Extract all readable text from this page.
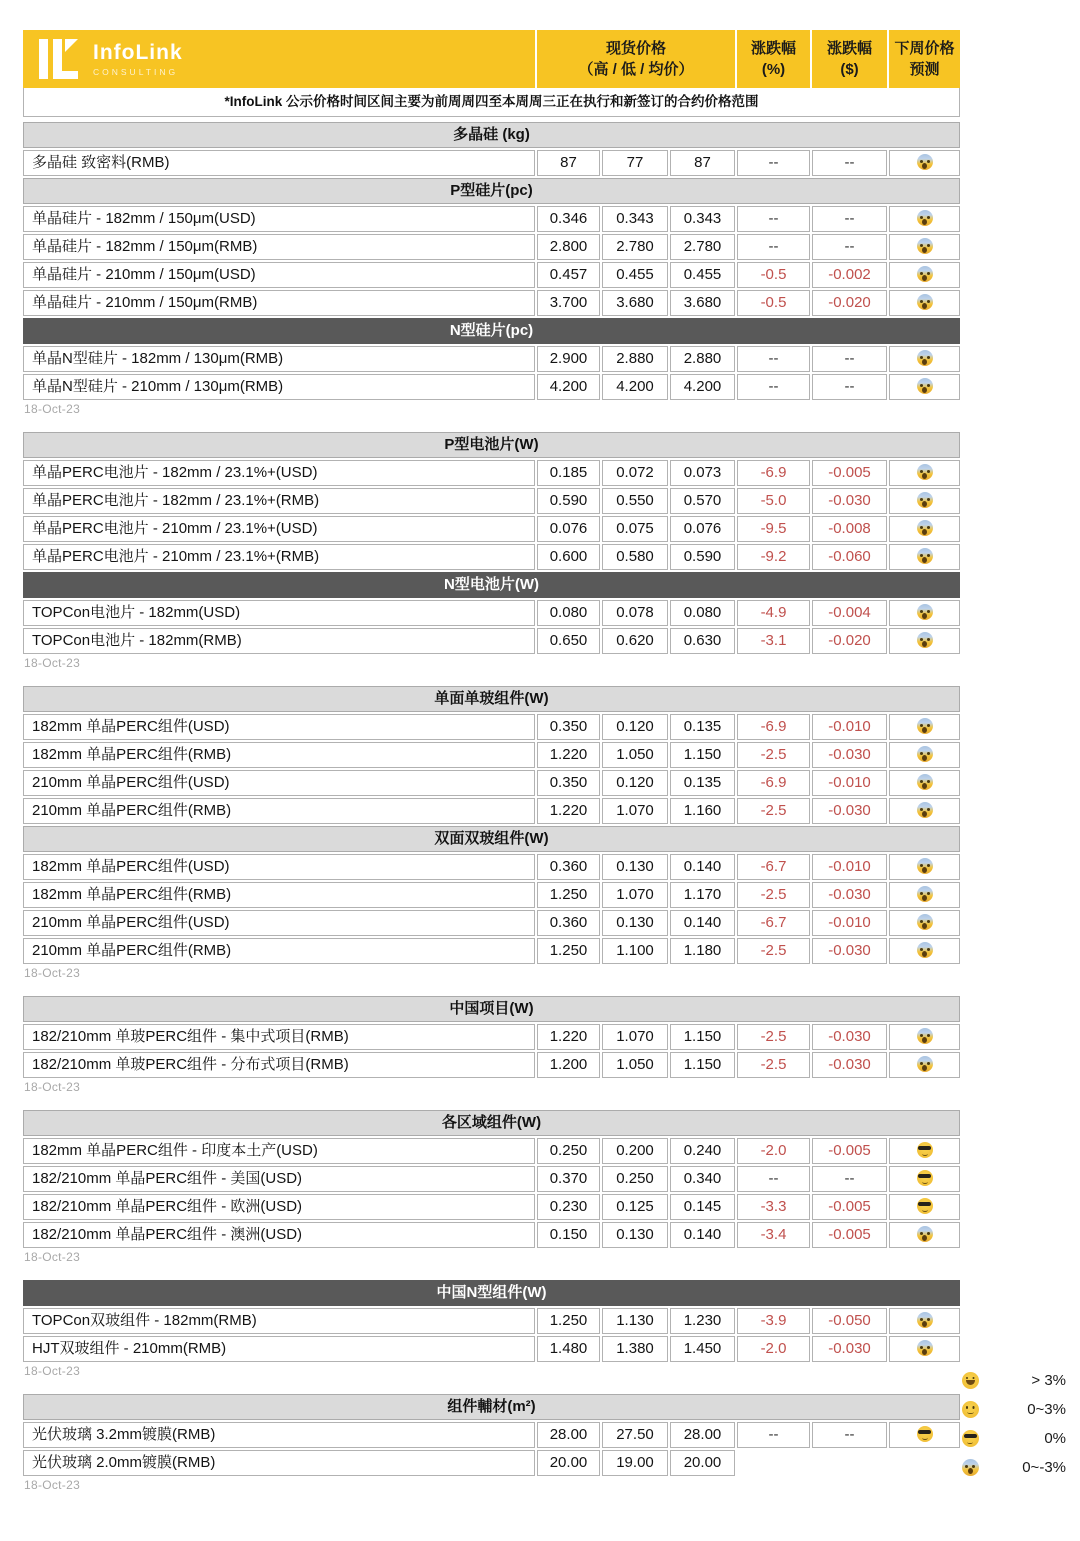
InfoLink
CONSULTING
现货价格
（高 / 低 / 均价）
涨跌幅
(%)
涨跌幅
($)
下周价格
预测
*InfoLink 公示价格时间区间主要为前周周四至本周周三正在执行和新签订的合约价格范围
多晶硅 (kg)
多晶硅 致密料(RMB)	87	77	87	--	--
P型硅片(pc)
单晶硅片 - 182mm / 150μm(USD)	0.346	0.343	0.343	--	--
单晶硅片 - 182mm / 150μm(RMB)	2.800	2.780	2.780	--	--
单晶硅片 - 210mm / 150μm(USD)	0.457	0.455	0.455	-0.5	-0.002
单晶硅片 - 210mm / 150μm(RMB)	3.700	3.680	3.680	-0.5	-0.020
N型硅片(pc)
单晶N型硅片 - 182mm / 130μm(RMB)	2.900	2.880	2.880	--	--
单晶N型硅片 - 210mm / 130μm(RMB)	4.200	4.200	4.200	--	--
18-Oct-23
P型电池片(W)
单晶PERC电池片 - 182mm / 23.1%+(USD)	0.185	0.072	0.073	-6.9	-0.005
单晶PERC电池片 - 182mm / 23.1%+(RMB)	0.590	0.550	0.570	-5.0	-0.030
单晶PERC电池片 - 210mm / 23.1%+(USD)	0.076	0.075	0.076	-9.5	-0.008
单晶PERC电池片 - 210mm / 23.1%+(RMB)	0.600	0.580	0.590	-9.2	-0.060
N型电池片(W)
TOPCon电池片 - 182mm(USD)	0.080	0.078	0.080	-4.9	-0.004
TOPCon电池片 - 182mm(RMB)	0.650	0.620	0.630	-3.1	-0.020
18-Oct-23
单面单玻组件(W)
182mm 单晶PERC组件(USD)	0.350	0.120	0.135	-6.9	-0.010
182mm 单晶PERC组件(RMB)	1.220	1.050	1.150	-2.5	-0.030
210mm 单晶PERC组件(USD)	0.350	0.120	0.135	-6.9	-0.010
210mm 单晶PERC组件(RMB)	1.220	1.070	1.160	-2.5	-0.030
双面双玻组件(W)
182mm 单晶PERC组件(USD)	0.360	0.130	0.140	-6.7	-0.010
182mm 单晶PERC组件(RMB)	1.250	1.070	1.170	-2.5	-0.030
210mm 单晶PERC组件(USD)	0.360	0.130	0.140	-6.7	-0.010
210mm 单晶PERC组件(RMB)	1.250	1.100	1.180	-2.5	-0.030
18-Oct-23
中国项目(W)
182/210mm 单玻PERC组件 - 集中式项目(RMB)	1.220	1.070	1.150	-2.5	-0.030
182/210mm 单玻PERC组件 - 分布式项目(RMB)	1.200	1.050	1.150	-2.5	-0.030
18-Oct-23
各区域组件(W)
182mm 单晶PERC组件 - 印度本土产(USD)	0.250	0.200	0.240	-2.0	-0.005
182/210mm 单晶PERC组件 - 美国(USD)	0.370	0.250	0.340	--	--
182/210mm 单晶PERC组件 - 欧洲(USD)	0.230	0.125	0.145	-3.3	-0.005
182/210mm 单晶PERC组件 - 澳洲(USD)	0.150	0.130	0.140	-3.4	-0.005
18-Oct-23
中国N型组件(W)
TOPCon双玻组件 - 182mm(RMB)	1.250	1.130	1.230	-3.9	-0.050
HJT双玻组件 - 210mm(RMB)	1.480	1.380	1.450	-2.0	-0.030
18-Oct-23
组件輔材(m²)
光伏玻璃 3.2mm镀膜(RMB)	28.00	27.50	28.00	--	--
光伏玻璃 2.0mm镀膜(RMB)	20.00	19.00	20.00
18-Oct-23
> 3%
0~3%
0%
0~-3%
